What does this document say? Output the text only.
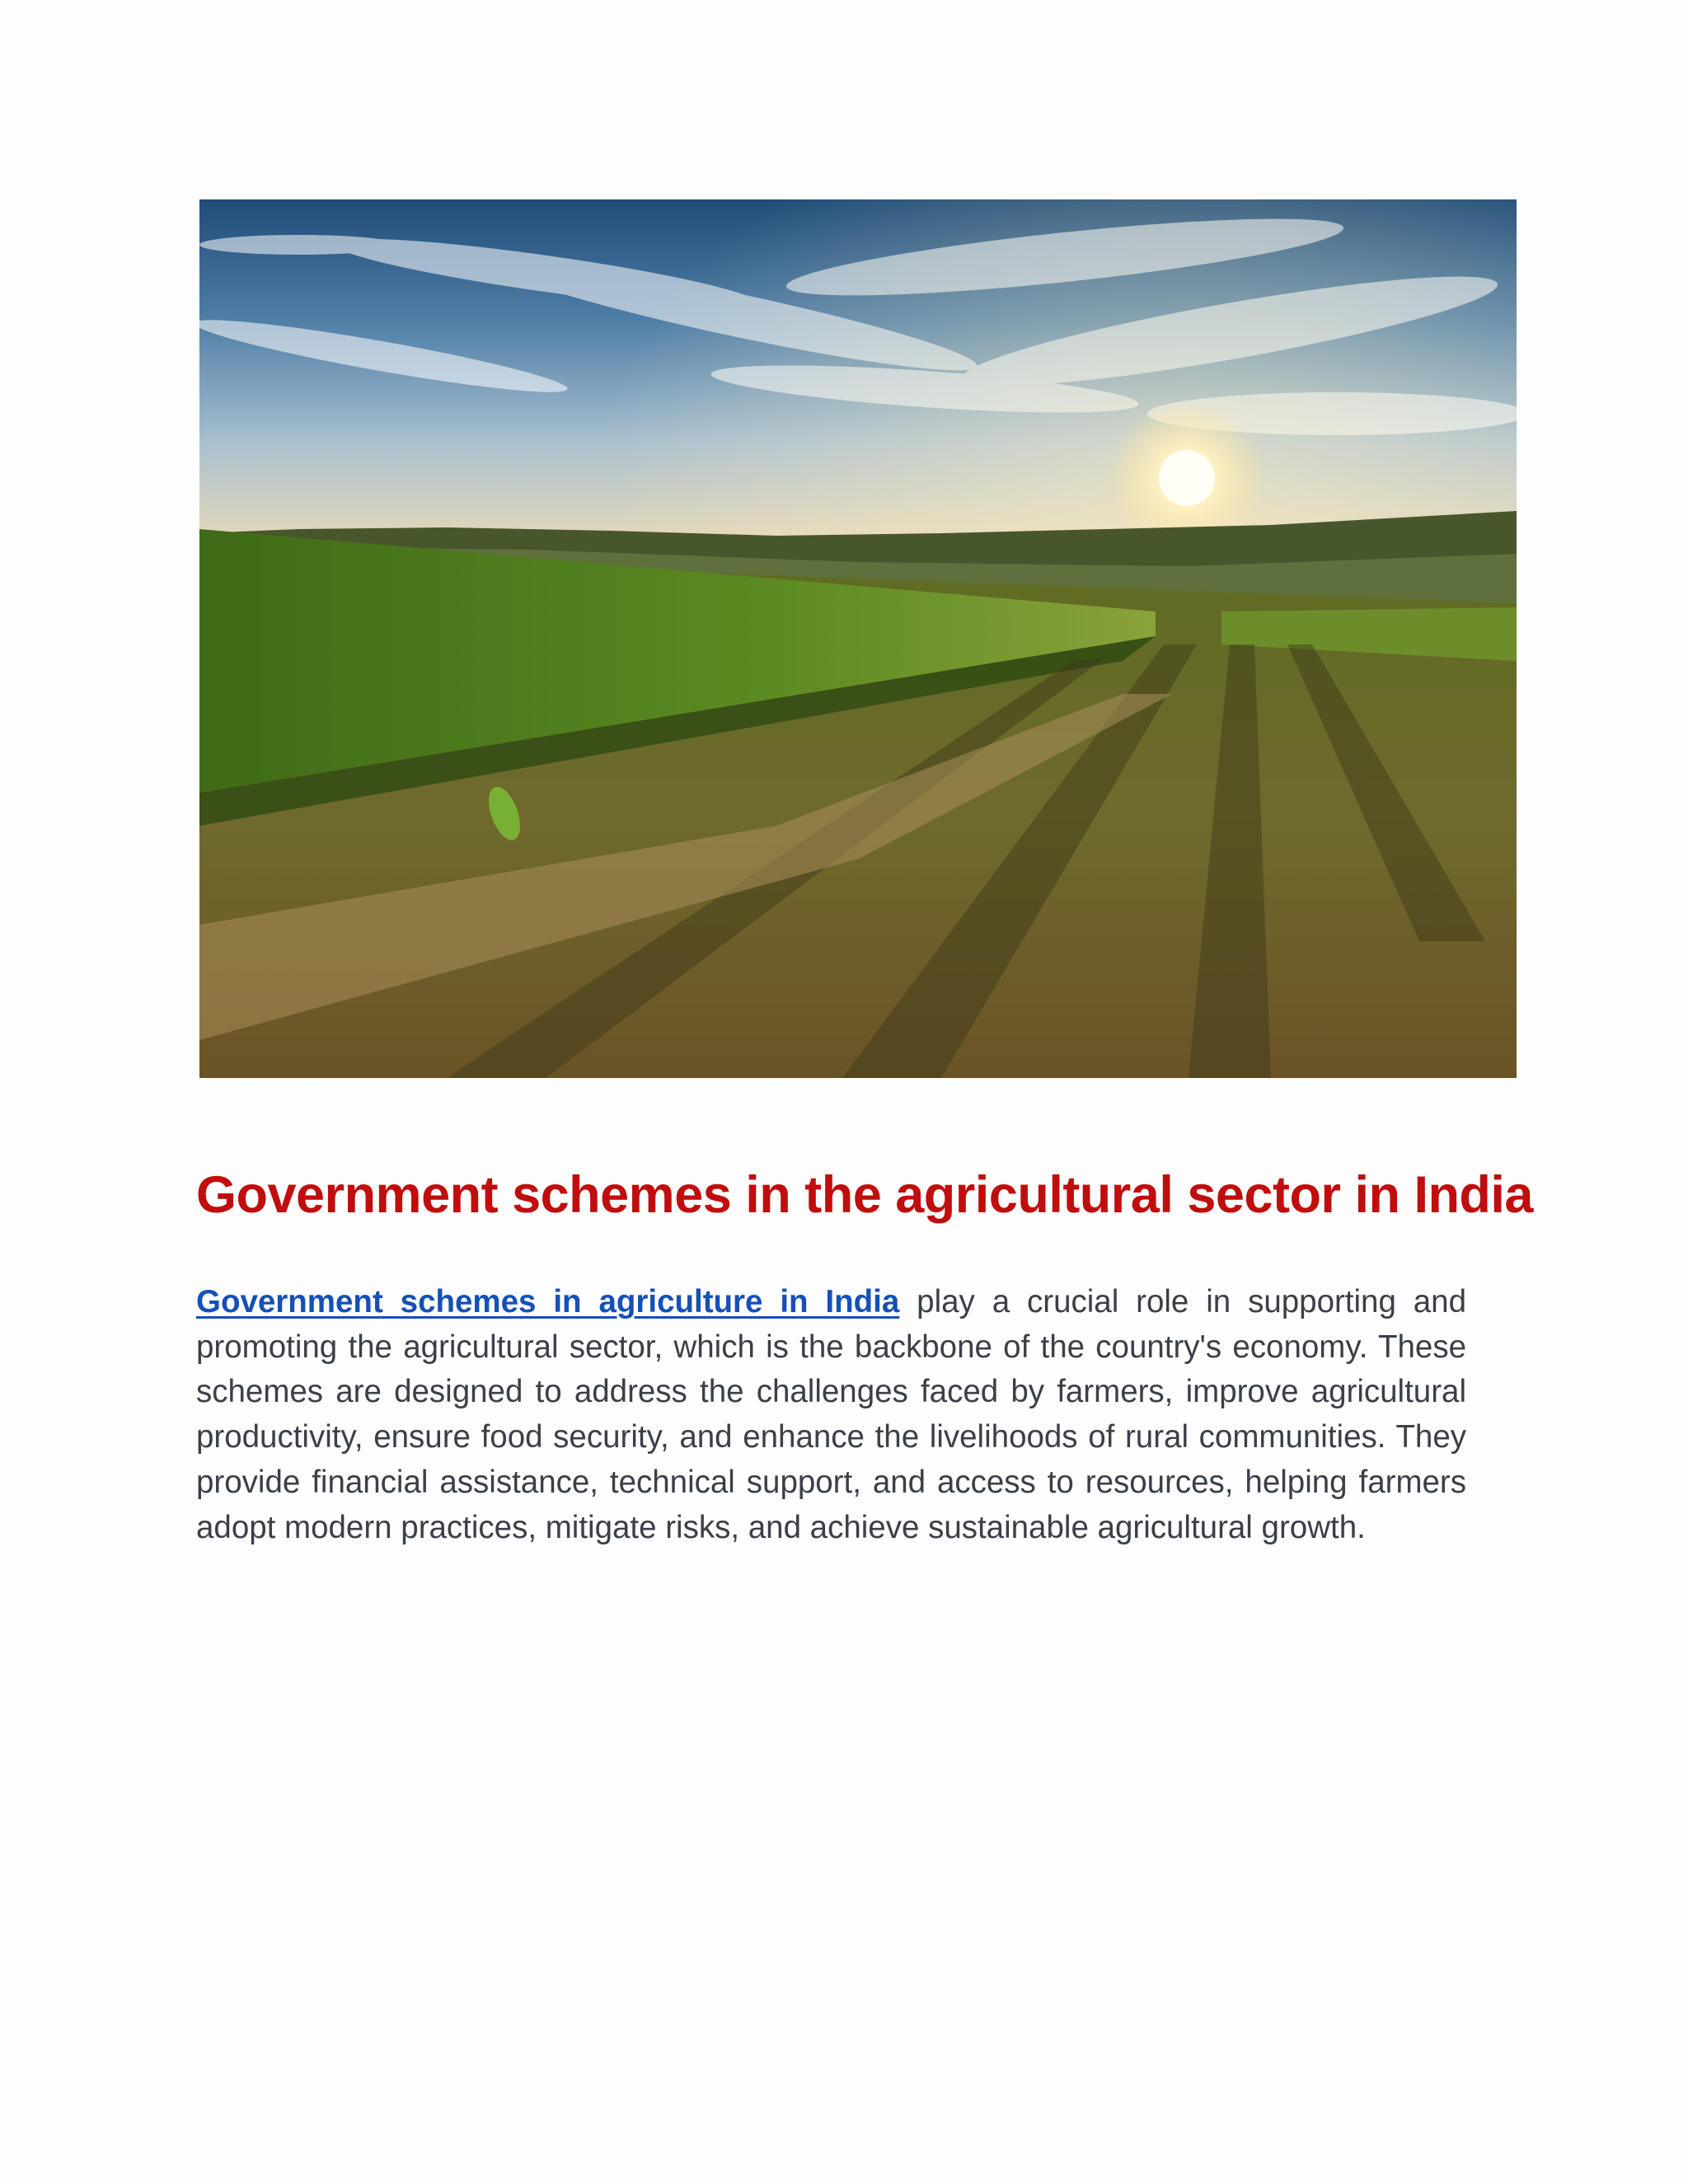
Government schemes in the agricultural sector in India

Government schemes in agriculture in India play a crucial role in supporting and promoting the agricultural sector, which is the backbone of the country's economy. These schemes are designed to address the challenges faced by farmers, improve agricultural productivity, ensure food security, and enhance the livelihoods of rural communities. They provide financial assistance, technical support, and access to resources, helping farmers adopt modern practices, mitigate risks, and achieve sustainable agricultural growth.
